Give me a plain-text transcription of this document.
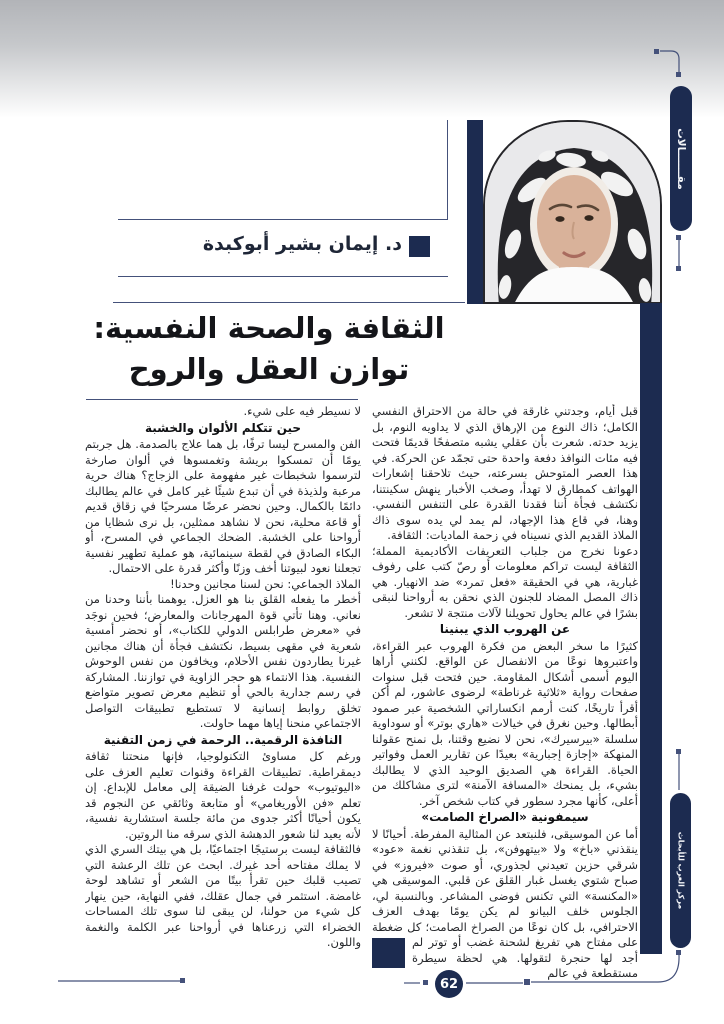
د. إيمان بشير أبوكبدة
الثقافة والصحة النفسية:
توازن العقل والروح
مقـــــــالات
مركز العرب للأبحاث

قبل أيام، وجدتني غارقة في حالة من الاحتراق النفسي الكامل؛ ذاك النوع من الإرهاق الذي لا يداويه النوم، بل يزيد حدته. شعرت بأن عقلي يشبه متصفحًا قديمًا فتحت فيه مئات النوافذ دفعة واحدة حتى تجمّد عن الحركة. في هذا العصر المتوحش بسرعته، حيث تلاحقنا إشعارات الهواتف كمطارق لا تهدأ، وصخب الأخبار ينهش سكينتنا، نكتشف فجأة أننا فقدنا القدرة على التنفس النفسي. وهنا، في قاع هذا الإجهاد، لم يمد لي يده سوى ذاك الملاذ القديم الذي نسيناه في زحمة الماديات: الثقافة.

دعونا نخرج من جلباب التعريفات الأكاديمية المملة؛ الثقافة ليست تراكم معلومات أو رصّ كتب على رفوف غبارية، هي في الحقيقة «فعل تمرد» ضد الانهيار. هي ذاك المصل المضاد للجنون الذي نحقن به أرواحنا لنبقى بشرًا في عالم يحاول تحويلنا لآلات منتجة لا تشعر.

عن الهروب الذي يبنينا

كثيرًا ما سخر البعض من فكرة الهروب عبر القراءة، واعتبروها نوعًا من الانفصال عن الواقع. لكنني أراها اليوم أسمى أشكال المقاومة. حين فتحت قبل سنوات صفحات رواية «ثلاثية غرناطة» لرضوى عاشور، لم أكن أقرأ تاريخًا، كنت أرمم انكساراتي الشخصية عبر صمود أبطالها. وحين نغرق في خيالات «هاري بوتر» أو سوداوية سلسلة «بيرسيرك»، نحن لا نضيع وقتنا، بل نمنح عقولنا المنهكة «إجازة إجبارية» بعيدًا عن تقارير العمل وفواتير الحياة. القراءة هي الصديق الوحيد الذي لا يطالبك بشيء، بل يمنحك «المسافة الآمنة» لترى مشاكلك من أعلى، كأنها مجرد سطور في كتاب شخص آخر.

سيمفونية «الصراخ الصامت»

أما عن الموسيقى، فلنبتعد عن المثالية المفرطة. أحيانًا لا ينقذني «باخ» ولا «بيتهوفن»، بل تنقذني نغمة «عود» شرقي حزين تعيدني لجذوري، أو صوت «فيروز» في صباح شتوي يغسل غبار القلق عن قلبي. الموسيقى هي «المكنسة» التي تكنس فوضى المشاعر. وبالنسبة لي، الجلوس خلف البيانو لم يكن يومًا بهدف العزف الاحترافي، بل كان نوعًا من الصراخ الصامت؛ كل ضغطة
على مفتاح هي تفريغ لشحنة غضب أو توتر لم أجد لها حنجرة لتقولها. هي لحظة سيطرة مستقطعة في عالم

لا نسيطر فيه على شيء.

حين تتكلم الألوان والخشبة

الفن والمسرح ليسا ترفًا، بل هما علاج بالصدمة. هل جربتم يومًا أن تمسكوا بريشة وتغمسوها في ألوان صارخة لترسموا شخبطات غير مفهومة على الزجاج؟ هناك حرية مرعبة ولذيذة في أن تبدع شيئًا غير كامل في عالم يطالبك دائمًا بالكمال. وحين نحضر عرضًا مسرحيًا في زقاق قديم أو قاعة محلية، نحن لا نشاهد ممثلين، بل نرى شظايا من أرواحنا على الخشبة. الضحك الجماعي في المسرح، أو البكاء الصادق في لقطة سينمائية، هو عملية تطهير نفسية تجعلنا نعود لبيوتنا أخف وزنًا وأكثر قدرة على الاحتمال.

الملاذ الجماعي: نحن لسنا مجانين وحدنا!

أخطر ما يفعله القلق بنا هو العزل. يوهمنا بأننا وحدنا من نعاني. وهنا تأتي قوة المهرجانات والمعارض؛ فحين نوجَد في «معرض طرابلس الدولي للكتاب»، أو نحضر أمسية شعرية في مقهى بسيط، نكتشف فجأة أن هناك مجانين غيرنا يطاردون نفس الأحلام، ويخافون من نفس الوحوش النفسية. هذا الانتماء هو حجر الزاوية في توازننا. المشاركة في رسم جدارية بالحي أو تنظيم معرض تصوير متواضع تخلق روابط إنسانية لا تستطيع تطبيقات التواصل الاجتماعي منحنا إياها مهما حاولت.

النافذة الرقمية.. الرحمة في زمن التقنية

ورغم كل مساوئ التكنولوجيا، فإنها منحتنا ثقافة ديمقراطية. تطبيقات القراءة وقنوات تعليم العزف على «اليوتيوب» حولت غرفنا الضيقة إلى معامل للإبداع. إن تعلم «فن الأوريغامي» أو متابعة وثائقي عن النجوم قد يكون أحيانًا أكثر جدوى من مائة جلسة استشارية نفسية، لأنه يعيد لنا شعور الدهشة الذي سرقه منا الروتين.

فالثقافة ليست برستيجًا اجتماعيًا، بل هي بيتك السري الذي لا يملك مفتاحه أحد غيرك. ابحث عن تلك الرعشة التي تصيب قلبك حين تقرأ بيتًا من الشعر أو تشاهد لوحة غامضة. استثمر في جمال عقلك، ففي النهاية، حين ينهار كل شيء من حولنا، لن يبقى لنا سوى تلك المساحات الخضراء التي زرعناها في أرواحنا عبر الكلمة والنغمة واللون.

62
